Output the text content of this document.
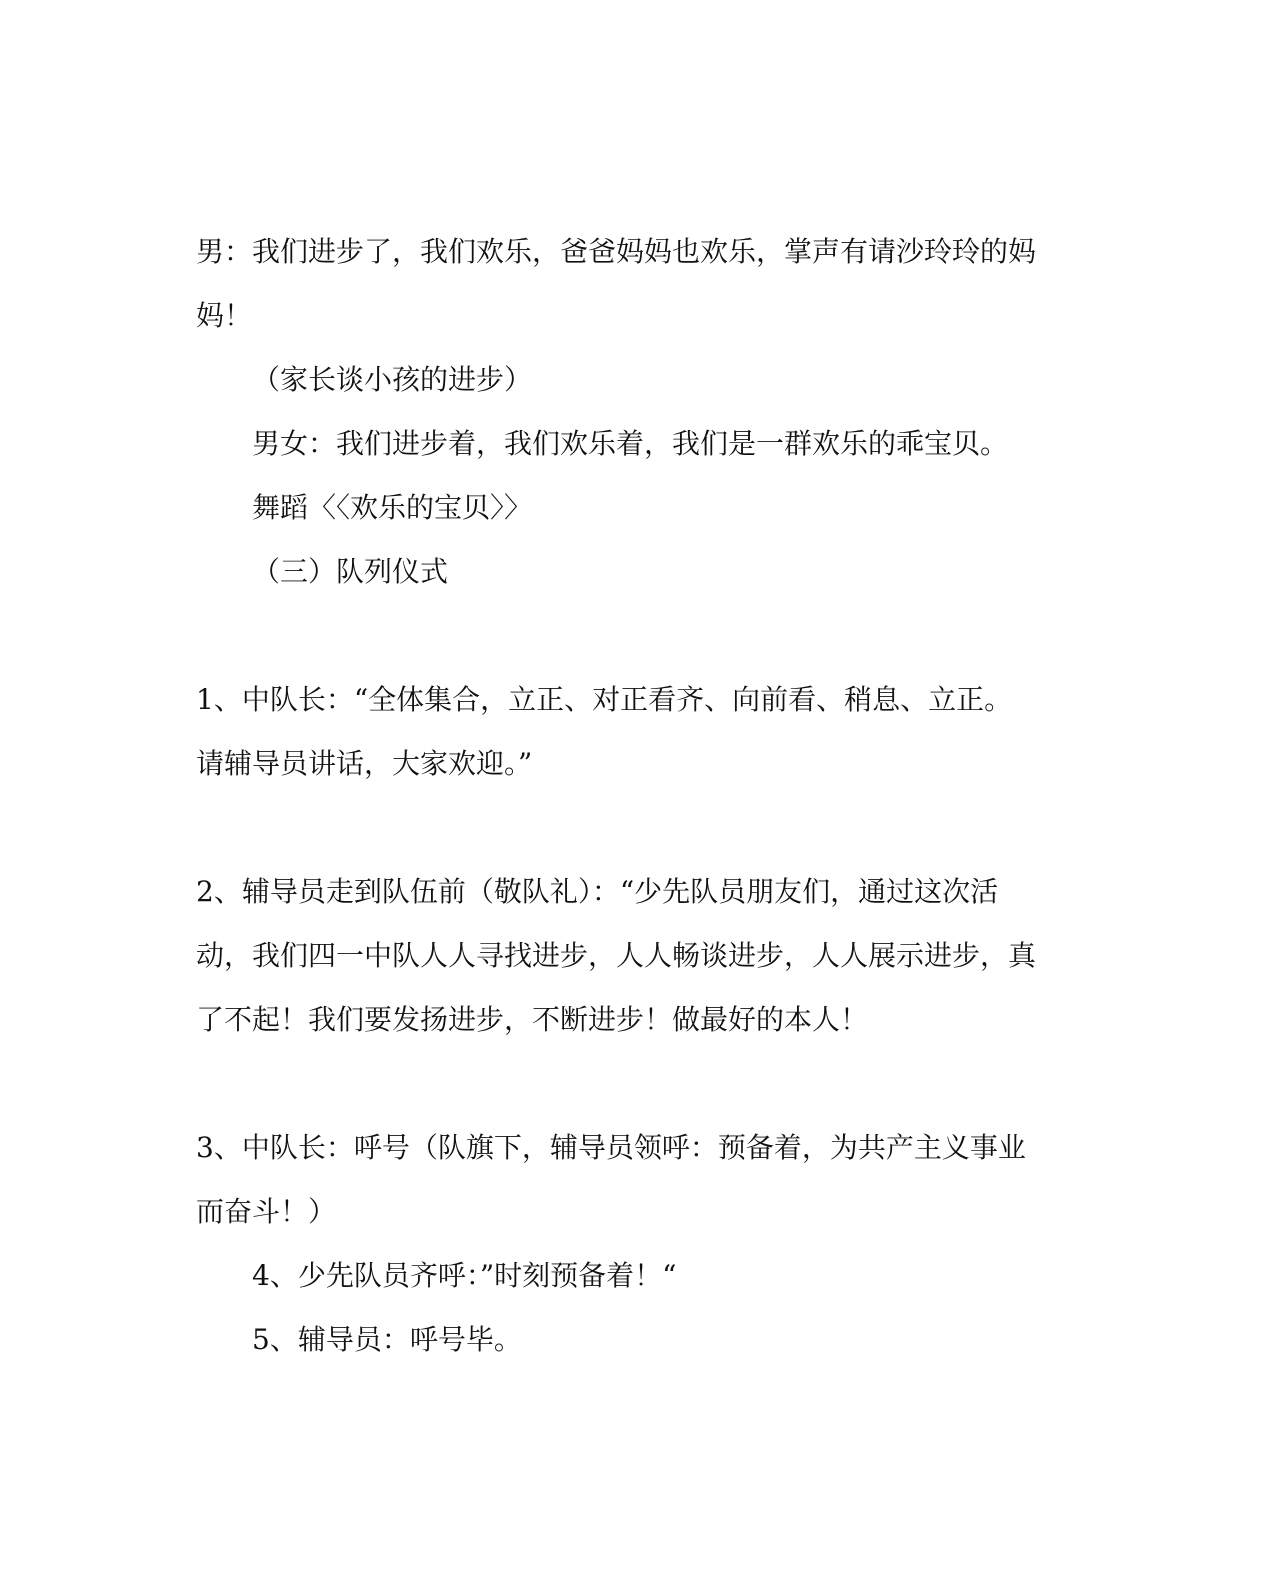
男：我们进步了，我们欢乐，爸爸妈妈也欢乐，掌声有请沙玲玲的妈
妈！
（家长谈小孩的进步）
男女：我们进步着，我们欢乐着，我们是一群欢乐的乖宝贝。
舞蹈〈〈欢乐的宝贝〉〉
（三）队列仪式
1、中队长：“全体集合，立正、对正看齐、向前看、稍息、立正。
请辅导员讲话，大家欢迎。”
2、辅导员走到队伍前（敬队礼）：“少先队员朋友们，通过这次活
动，我们四一中队人人寻找进步，人人畅谈进步，人人展示进步，真
了不起！我们要发扬进步，不断进步！做最好的本人！
3、中队长：呼号（队旗下，辅导员领呼：预备着，为共产主义事业
而奋斗！）
4、少先队员齐呼：”时刻预备着！“
5、辅导员：呼号毕。
